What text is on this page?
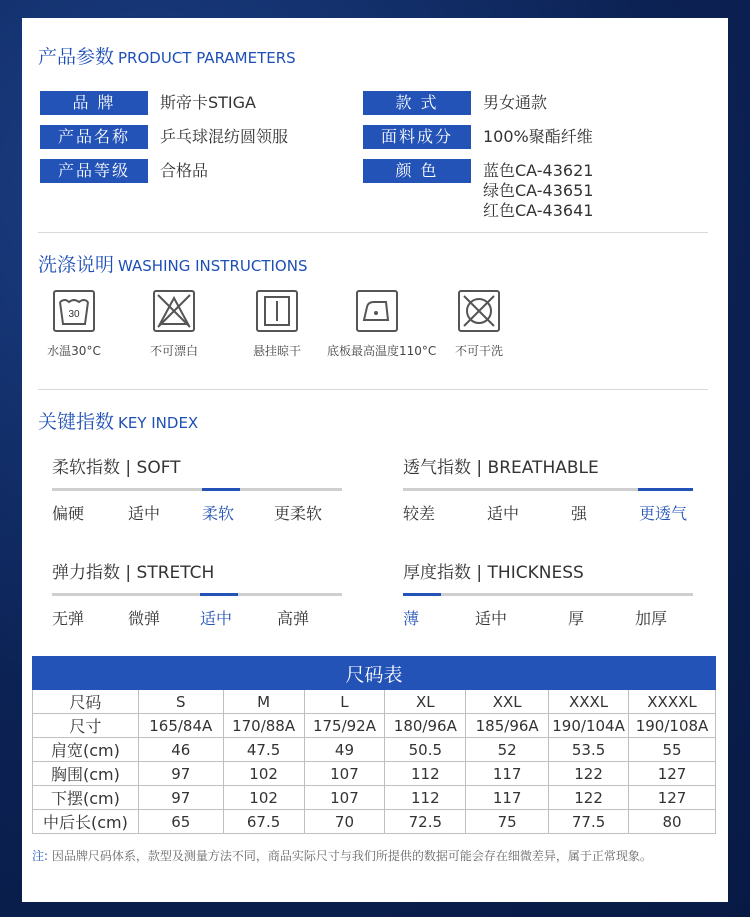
产品参数 PRODUCT PARAMETERS
品 牌	斯帝卡STIGA
产品名称	乒乓球混纺圆领服
产品等级	合格品
款 式	男女通款
面料成分	100%聚酯纤维
颜 色	蓝色CA-43621
绿色CA-43651
红色CA-43641
洗涤说明 WASHING INSTRUCTIONS
30
水温30°C	不可漂白	悬挂晾干	底板最高温度110°C	不可干洗
关键指数 KEY INDEX
柔软指数 | SOFT
偏硬	适中	柔软 更柔软
透气指数 | BREATHABLE
较差	适中	强	更透气
弹力指数 | STRETCH
无弹	微弹 适中	高弹
厚度指数 | THICKNESS
薄	适中	厚	加厚
尺码表							
尺码	S	M	L	XL	XXL	XXXL	XXXXL
尺寸	165/84A	170/88A	175/92A	180/96A	185/96A	190/104A	190/108A
肩宽(cm)	46	47.5	49	50.5	52	53.5	55
胸围(cm)	97	102	107	112	117	122	127
下摆(cm)	97	102	107	112	117	122	127
中后长(cm)	65	67.5	70	72.5	75	77.5	80
注: 因品牌尺码体系，款型及测量方法不同，商品实际尺寸与我们所提供的数据可能会存在细微差异，属于正常现象。
